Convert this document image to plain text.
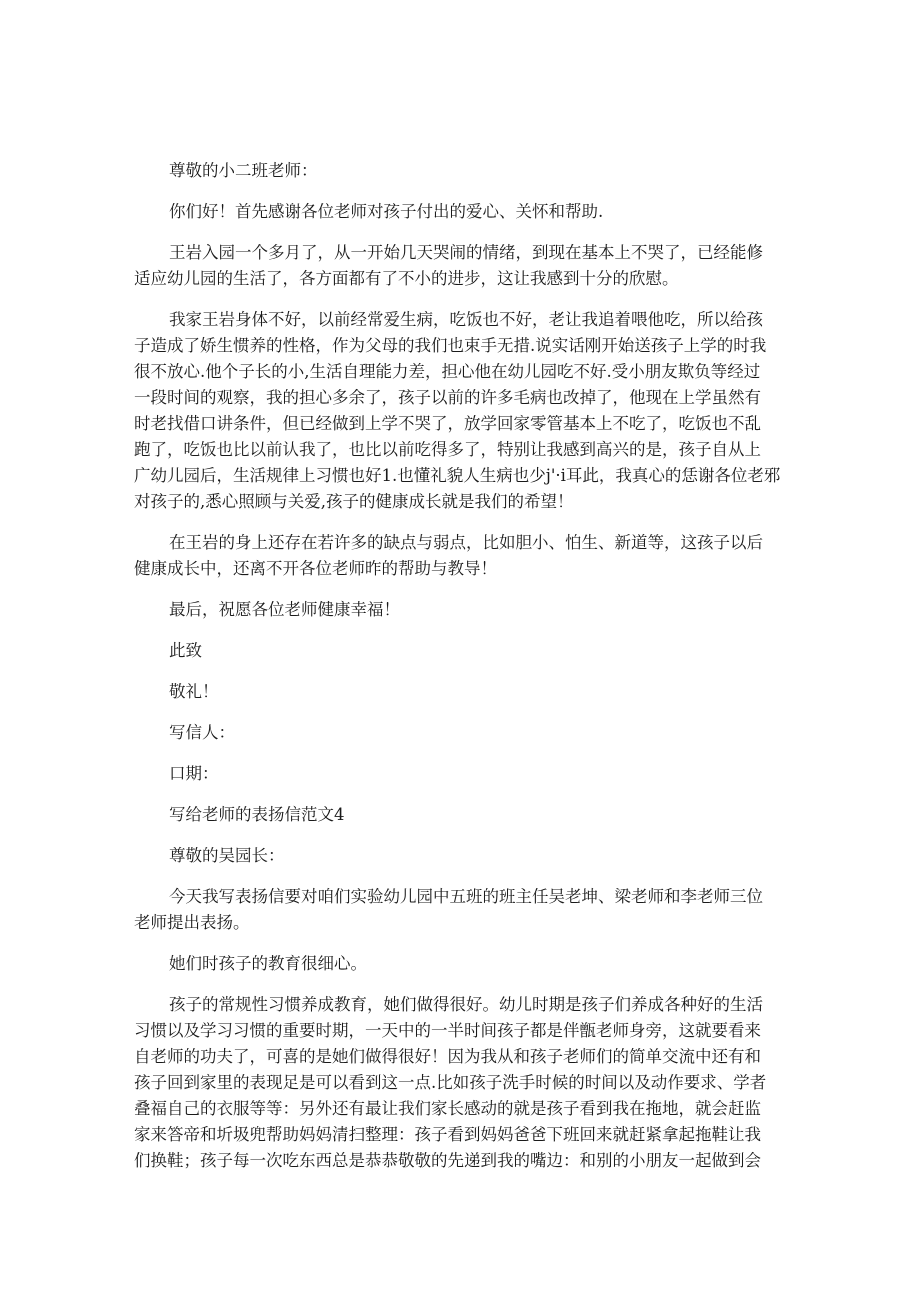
尊敬的小二班老师：

你们好！首先感谢各位老师对孩子付出的爱心、关怀和帮助.

王岩入园一个多月了，从一开始几天哭闹的情绪，到现在基本上不哭了，已经能修

适应幼儿园的生活了，各方面都有了不小的进步，这让我感到十分的欣慰。

我家王岩身体不好，以前经常爱生病，吃饭也不好，老让我追着喂他吃，所以给孩

子造成了娇生惯养的性格，作为父母的我们也束手无措.说实话刚开始送孩子上学的时我

很不放心.他个子长的小,生活自理能力差，担心他在幼儿园吃不好.受小朋友欺负等经过

一段时间的观察，我的担心多余了，孩子以前的许多毛病也改掉了，他现在上学虽然有

时老找借口讲条件，但已经做到上学不哭了，放学回家零管基本上不吃了，吃饭也不乱

跑了，吃饭也比以前认我了，也比以前吃得多了，特别让我感到高兴的是，孩子自从上

广幼儿园后，生活规律上习惯也好1.也懂礼貌人生病也少j'·i耳此，我真心的恁谢各位老邪

对孩子的,悉心照顾与关爱,孩子的健康成长就是我们的希望！

在王岩的身上还存在若许多的缺点与弱点，比如胆小、怕生、新道等，这孩子以后

健康成长中，还离不开各位老师昨的帮助与教导！

最后，祝愿各位老师健康幸福！

此致

敬礼！

写信人：

口期：

写给老师的表扬信范文4

尊敬的吴园长：

今天我写表扬信要对咱们实验幼儿园中五班的班主任吴老坤、梁老师和李老师三位

老师提出表扬。

她们时孩子的教育很细心。

孩子的常规性习惯养成教育，她们做得很好。幼儿时期是孩子们养成各种好的生活

习惯以及学习习惯的重要时期，一天中的一半时间孩子都是伴甑老师身旁，这就要看来

自老师的功夫了，可喜的是她们做得很好！因为我从和孩子老师们的简单交流中还有和

孩子回到家里的表现足是可以看到这一点.比如孩子洗手时候的时间以及动作要求、学者

叠福自己的衣服等等：另外还有最让我们家长感动的就是孩子看到我在拖地，就会赶监

家来答帝和圻圾兜帮助妈妈清扫整理：孩子看到妈妈爸爸下班回来就赶紧拿起拖鞋让我

们换鞋；孩子每一次吃东西总是恭恭敬敬的先递到我的嘴边：和别的小朋友一起做到会
